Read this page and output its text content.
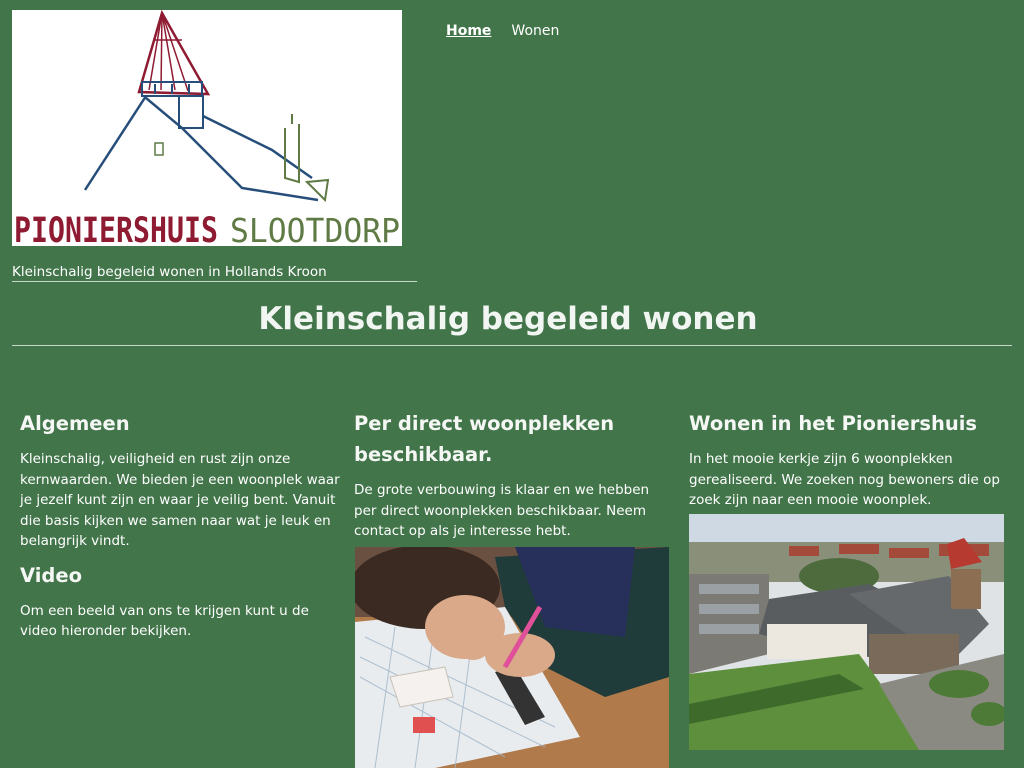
PIONIERSHUIS SLOOTDORP
Kleinschalig begeleid wonen in Hollands Kroon
Home Wonen
Kleinschalig begeleid wonen
Algemeen

Kleinschalig, veiligheid en rust zijn onze kernwaarden. We bieden je een woonplek waar je jezelf kunt zijn en waar je veilig bent. Vanuit die basis kijken we samen naar wat je leuk en belangrijk vindt.

Video

Om een beeld van ons te krijgen kunt u de video hieronder bekijken.

Per direct woonplekken beschikbaar.

De grote verbouwing is klaar en we hebben per direct woonplekken beschikbaar. Neem contact op als je interesse hebt.

Wonen in het Pioniershuis

In het mooie kerkje zijn 6 woonplekken gerealiseerd. We zoeken nog bewoners die op zoek zijn naar een mooie woonplek.
